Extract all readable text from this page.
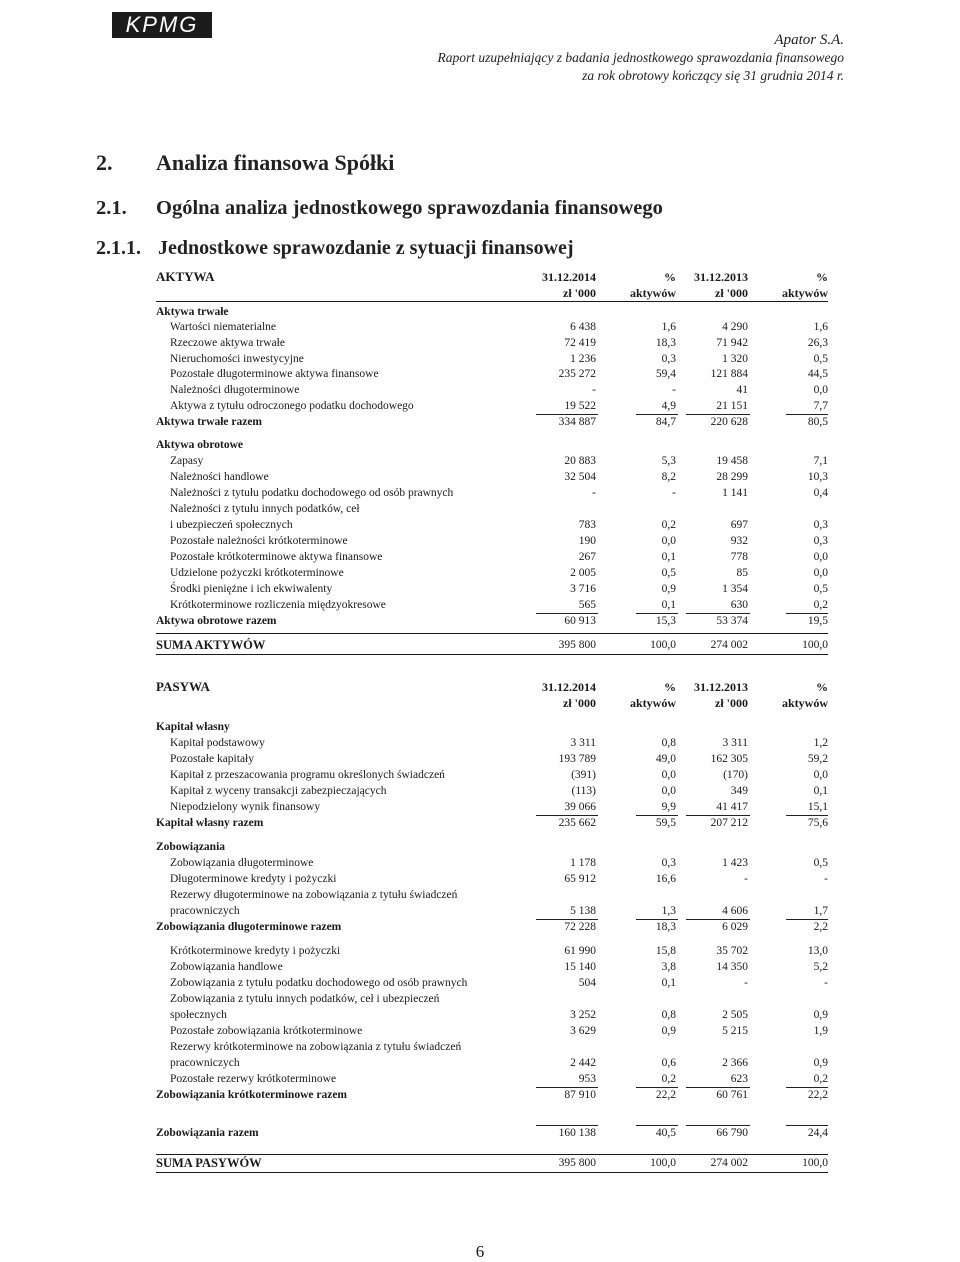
KPMG
Apator S.A.
Raport uzupełniający z badania jednostkowego sprawozdania finansowego
za rok obrotowy kończący się 31 grudnia 2014 r.
2. Analiza finansowa Spółki
2.1. Ogólna analiza jednostkowego sprawozdania finansowego
2.1.1. Jednostkowe sprawozdanie z sytuacji finansowej
AKTYWA	31.12.2014	% 31.12.2013	%
zł '000	aktywów	zł '000	aktywów
Aktywa trwałe
Wartości niematerialne	6 438	1,6	4 290	1,6
Rzeczowe aktywa trwałe	72 419	18,3	71 942	26,3
Nieruchomości inwestycyjne	1 236	0,3	1 320	0,5
Pozostałe długoterminowe aktywa finansowe	235 272	59,4	121 884	44,5
Należności długoterminowe	-	-	41	0,0
Aktywa z tytułu odroczonego podatku dochodowego	19 522	4,9	21 151	7,7
Aktywa trwałe razem	334 887	84,7	220 628	80,5
Aktywa obrotowe
Zapasy	20 883	5,3	19 458	7,1
Należności handlowe	32 504	8,2	28 299	10,3
Należności z tytułu podatku dochodowego od osób prawnych	-	-	1 141	0,4
Należności z tytułu innych podatków, ceł
i ubezpieczeń społecznych	783	0,2	697	0,3
Pozostałe należności krótkoterminowe	190	0,0	932	0,3
Pozostałe krótkoterminowe aktywa finansowe	267	0,1	778	0,0
Udzielone pożyczki krótkoterminowe	2 005	0,5	85	0,0
Środki pieniężne i ich ekwiwalenty	3 716	0,9	1 354	0,5
Krótkoterminowe rozliczenia międzyokresowe	565	0,1	630	0,2
Aktywa obrotowe razem	60 913	15,3	53 374	19,5
SUMA AKTYWÓW	395 800	100,0	274 002	100,0
PASYWA	31.12.2014	% 31.12.2013	%
zł '000	aktywów	zł '000	aktywów
Kapitał własny
Kapitał podstawowy	3 311	0,8	3 311	1,2
Pozostałe kapitały	193 789	49,0	162 305	59,2
Kapitał z przeszacowania programu określonych świadczeń	(391)	0,0	(170)	0,0
Kapitał z wyceny transakcji zabezpieczających	(113)	0,0	349	0,1
Niepodzielony wynik finansowy	39 066	9,9	41 417	15,1
Kapitał własny razem	235 662	59,5	207 212	75,6
Zobowiązania
Zobowiązania długoterminowe	1 178	0,3	1 423	0,5
Długoterminowe kredyty i pożyczki	65 912	16,6	-	-
Rezerwy długoterminowe na zobowiązania z tytułu świadczeń
pracowniczych	5 138	1,3	4 606	1,7
Zobowiązania długoterminowe razem	72 228	18,3	6 029	2,2
Krótkoterminowe kredyty i pożyczki	61 990	15,8	35 702	13,0
Zobowiązania handlowe	15 140	3,8	14 350	5,2
Zobowiązania z tytułu podatku dochodowego od osób prawnych	504	0,1	-	-
Zobowiązania z tytułu innych podatków, ceł i ubezpieczeń
społecznych	3 252	0,8	2 505	0,9
Pozostałe zobowiązania krótkoterminowe	3 629	0,9	5 215	1,9
Rezerwy krótkoterminowe na zobowiązania z tytułu świadczeń
pracowniczych	2 442	0,6	2 366	0,9
Pozostałe rezerwy krótkoterminowe	953	0,2	623	0,2
Zobowiązania krótkoterminowe razem	87 910	22,2	60 761	22,2
Zobowiązania razem	160 138	40,5	66 790	24,4
SUMA PASYWÓW	395 800	100,0	274 002	100,0
6
